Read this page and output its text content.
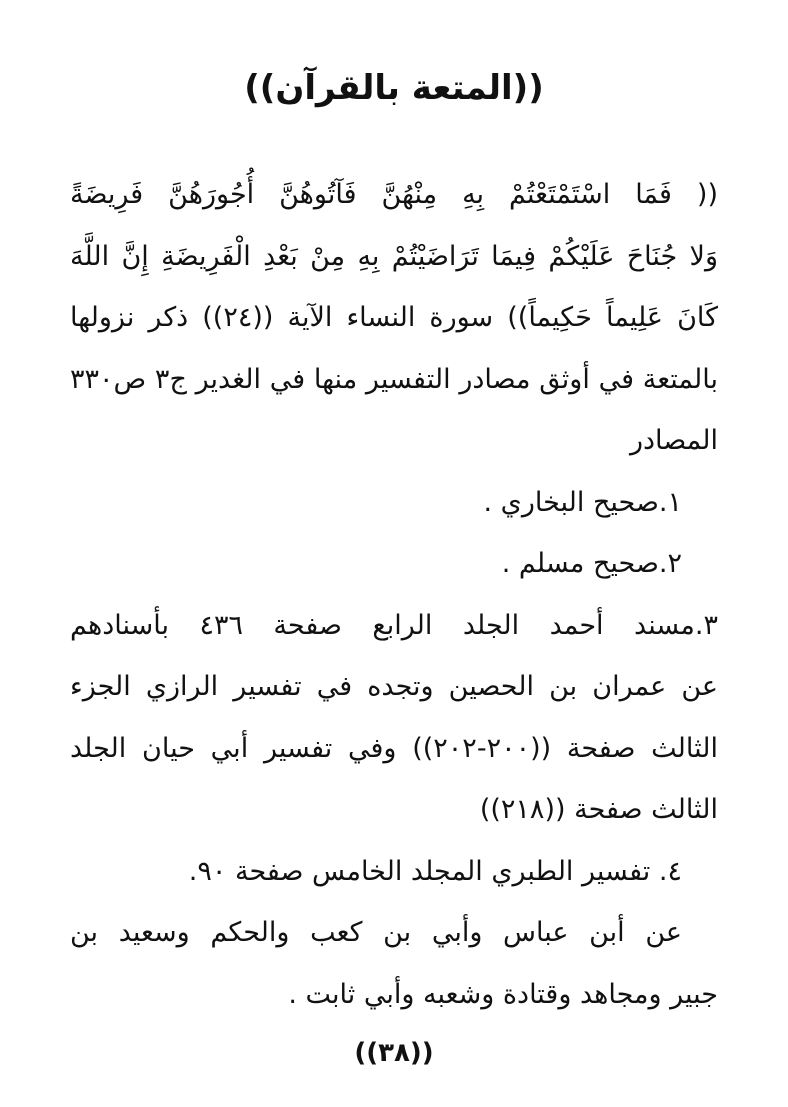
((المتعة بالقرآن))

(( فَمَا اسْتَمْتَعْتُمْ بِهِ مِنْهُنَّ فَآتُوهُنَّ أُجُورَهُنَّ فَرِيضَةً

وَلا جُنَاحَ عَلَيْكُمْ فِيمَا تَرَاضَيْتُمْ بِهِ مِنْ بَعْدِ الْفَرِيضَةِ إِنَّ اللَّهَ

كَانَ عَلِيماً حَكِيماً)) سورة النساء الآية ((٢٤)) ذكر نزولها

بالمتعة في أوثق مصادر التفسير منها في الغدير ج٣ ص٣٣٠

المصادر

١.صحيح البخاري .

٢.صحيح مسلم .

٣.مسند أحمد الجلد الرابع صفحة ٤٣٦ بأسنادهم

عن عمران بن الحصين وتجده في تفسير الرازي الجزء

الثالث صفحة ((٢٠٠-٢٠٢)) وفي تفسير أبي حيان الجلد

الثالث صفحة ((٢١٨))

٤. تفسير الطبري المجلد الخامس صفحة ٩٠.

عن أبن عباس وأبي بن كعب والحكم وسعيد بن

جبير ومجاهد وقتادة وشعبه وأبي ثابت .

((٣٨))
